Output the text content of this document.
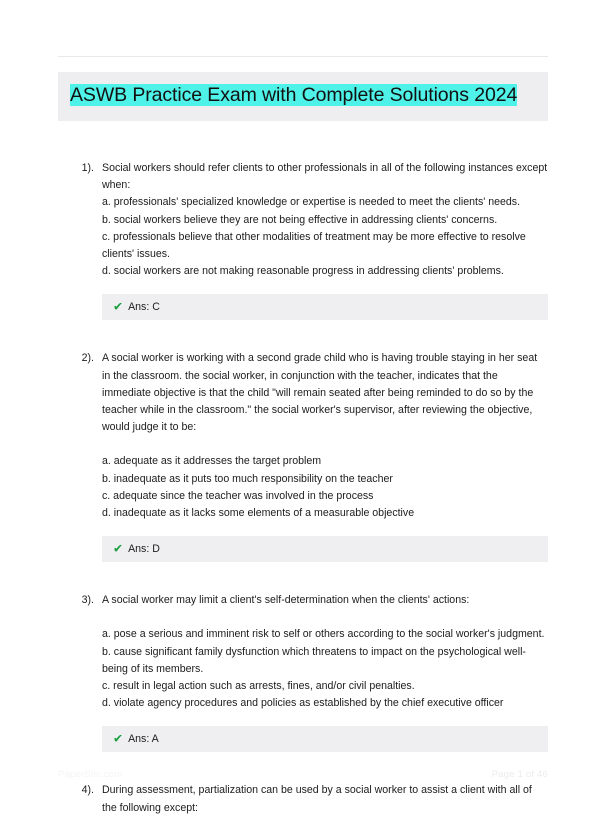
ASWB Practice Exam with Complete Solutions 2024
1). Social workers should refer clients to other professionals in all of the following instances except when:

a. professionals' specialized knowledge or expertise is needed to meet the clients' needs.

b. social workers believe they are not being effective in addressing clients' concerns.

c. professionals believe that other modalities of treatment may be more effective to resolve clients' issues.

d. social workers are not making reasonable progress in addressing clients' problems.

✔ Ans: C
2). A social worker is working with a second grade child who is having trouble staying in her seat in the classroom. the social worker, in conjunction with the teacher, indicates that the immediate objective is that the child "will remain seated after being reminded to do so by the teacher while in the classroom." the social worker's supervisor, after reviewing the objective, would judge it to be:

a. adequate as it addresses the target problem

b. inadequate as it puts too much responsibility on the teacher

c. adequate since the teacher was involved in the process

d. inadequate as it lacks some elements of a measurable objective

✔ Ans: D
3). A social worker may limit a client's self-determination when the clients' actions:

a. pose a serious and imminent risk to self or others according to the social worker's judgment.

b. cause significant family dysfunction which threatens to impact on the psychological well-being of its members.

c. result in legal action such as arrests, fines, and/or civil penalties.

d. violate agency procedures and policies as established by the chief executive officer

✔ Ans: A
4). During assessment, partialization can be used by a social worker to assist a client with all of the following except:

PaperStic.com	Page 1 of 46
